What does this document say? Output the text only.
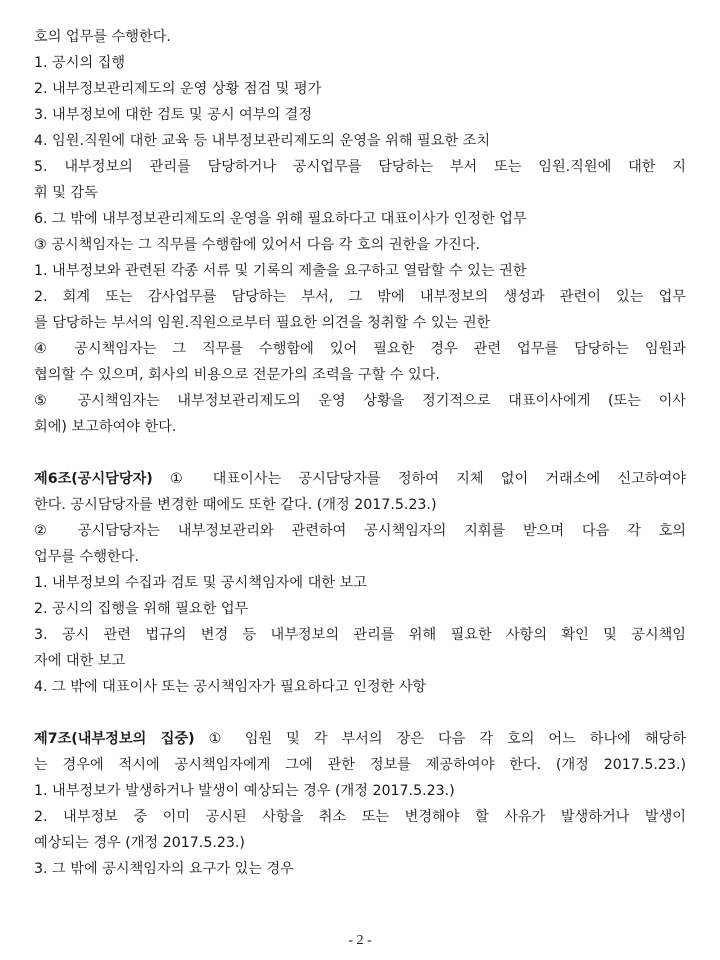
호의 업무를 수행한다.
1. 공시의 집행
2. 내부정보관리제도의 운영 상황 점검 및 평가
3. 내부정보에 대한 검토 및 공시 여부의 결정
4. 임원.직원에 대한 교육 등 내부정보관리제도의 운영을 위해 필요한 조치
5. 내부정보의 관리를 담당하거나 공시업무를 담당하는 부서 또는 임원.직원에 대한 지
휘 및 감독
6. 그 밖에 내부정보관리제도의 운영을 위해 필요하다고 대표이사가 인정한 업무
③ 공시책임자는 그 직무를 수행함에 있어서 다음 각 호의 권한을 가진다.
1. 내부정보와 관련된 각종 서류 및 기록의 제출을 요구하고 열람할 수 있는 권한
2. 회계 또는 감사업무를 담당하는 부서, 그 밖에 내부정보의 생성과 관련이 있는 업무
를 담당하는 부서의 임원.직원으로부터 필요한 의견을 청취할 수 있는 권한
④ 공시책임자는 그 직무를 수행함에 있어 필요한 경우 관련 업무를 담당하는 임원과
협의할 수 있으며, 회사의 비용으로 전문가의 조력을 구할 수 있다.
⑤ 공시책임자는 내부정보관리제도의 운영 상황을 정기적으로 대표이사에게 (또는 이사
회에) 보고하여야 한다.
제6조(공시담당자) ① 대표이사는 공시담당자를 정하여 지체 없이 거래소에 신고하여야
한다. 공시담당자를 변경한 때에도 또한 같다. (개정 2017.5.23.)
② 공시담당자는 내부정보관리와 관련하여 공시책임자의 지휘를 받으며 다음 각 호의
업무를 수행한다.
1. 내부정보의 수집과 검토 및 공시책임자에 대한 보고
2. 공시의 집행을 위해 필요한 업무
3. 공시 관련 법규의 변경 등 내부정보의 관리를 위해 필요한 사항의 확인 및 공시책임
자에 대한 보고
4. 그 밖에 대표이사 또는 공시책임자가 필요하다고 인정한 사항
제7조(내부정보의 집중) ① 임원 및 각 부서의 장은 다음 각 호의 어느 하나에 해당하
는 경우에 적시에 공시책임자에게 그에 관한 정보를 제공하여야 한다. (개정 2017.5.23.)
1. 내부정보가 발생하거나 발생이 예상되는 경우 (개정 2017.5.23.)
2. 내부정보 중 이미 공시된 사항을 취소 또는 변경해야 할 사유가 발생하거나 발생이
예상되는 경우 (개정 2017.5.23.)
3. 그 밖에 공시책임자의 요구가 있는 경우
- 2 -
